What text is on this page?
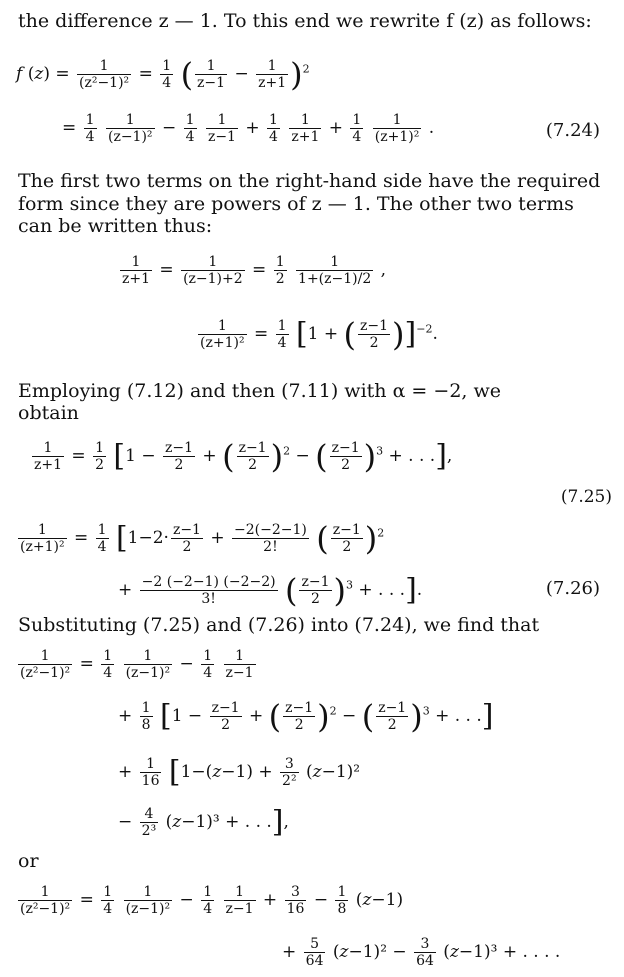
the difference z — 1. To this end we rewrite f (z) as follows:
f $(z) = \frac{1}{\text{(z²−1)²}} = \frac{1}{4}$ ( $\frac{1}{z-1} - \frac{1}{z+1} )^2$
= $\frac{1}{4}$
$\frac{1}{\text{(z−1)²}} - \frac{1}{4}$
$\frac{1}{z-1} + \frac{1}{4}$
$\frac{1}{z+1} + \frac{1}{4}$
$\frac{1}{\text{(z+1)²}}$ .	(7.24)
The first two terms on the right-hand side have the required
form since they are powers of z — 1. The other two terms
can be written thus:
$\frac{1}{z+1} = \frac{1}{(z-1)+2} = \frac{1}{2}$
$\frac{1}{1+(z-1)/2}$ ,
$\frac{1}{\text{(z+1)²}} = \frac{1}{4} [1$ + ( $\frac{z-1}{2} )]^{-2}$.
Employing (7.12) and then (7.11) with α = −2, we
obtain
$\frac{1}{z+1} = \frac{1}{2} [1 - \frac{z-1}{2}$ + ( $\frac{z-1}{2} )^2$ − ( $\frac{z-1}{2} )^3$ + . . .],
(7.25)
$\frac{1}{\text{(z+1)²}} = \frac{1}{4} [1-2\cdot \frac{z-1}{2} + \frac{-2(-2-1)}{2!}$ ( $\frac{z-1}{2} )^2$
+ $\frac{-2 (-2-1) (-2-2)}{3!}$ ( $\frac{z-1}{2} )^3$ + . . .].	(7.26)
Substituting (7.25) and (7.26) into (7.24), we find that
$\frac{1}{\text{(z²−1)²}} = \frac{1}{4}$
$\frac{1}{\text{(z−1)²}} - \frac{1}{4}$
$\frac{1}{z-1}$
+ $\frac{1}{8} [1 - \frac{z-1}{2}$ + ( $\frac{z-1}{2} )^2$ − ( $\frac{z-1}{2} )^3$ + . . .]
+ $\frac{1}{16} [1-(z-1) + \frac{3}{\text{2²}} (z-1)^2$
− $\frac{4}{\text{2³}} (z-1)^3$ + . . .],
or
$\frac{1}{\text{(z²−1)²}} = \frac{1}{4}$
$\frac{1}{\text{(z−1)²}} - \frac{1}{4}$
$\frac{1}{z-1} + \frac{3}{16} - \frac{1}{8} (z-1)$
+ $\frac{5}{64} (z-1)^2 - \frac{3}{64} (z-1)^3$ + . . . .
